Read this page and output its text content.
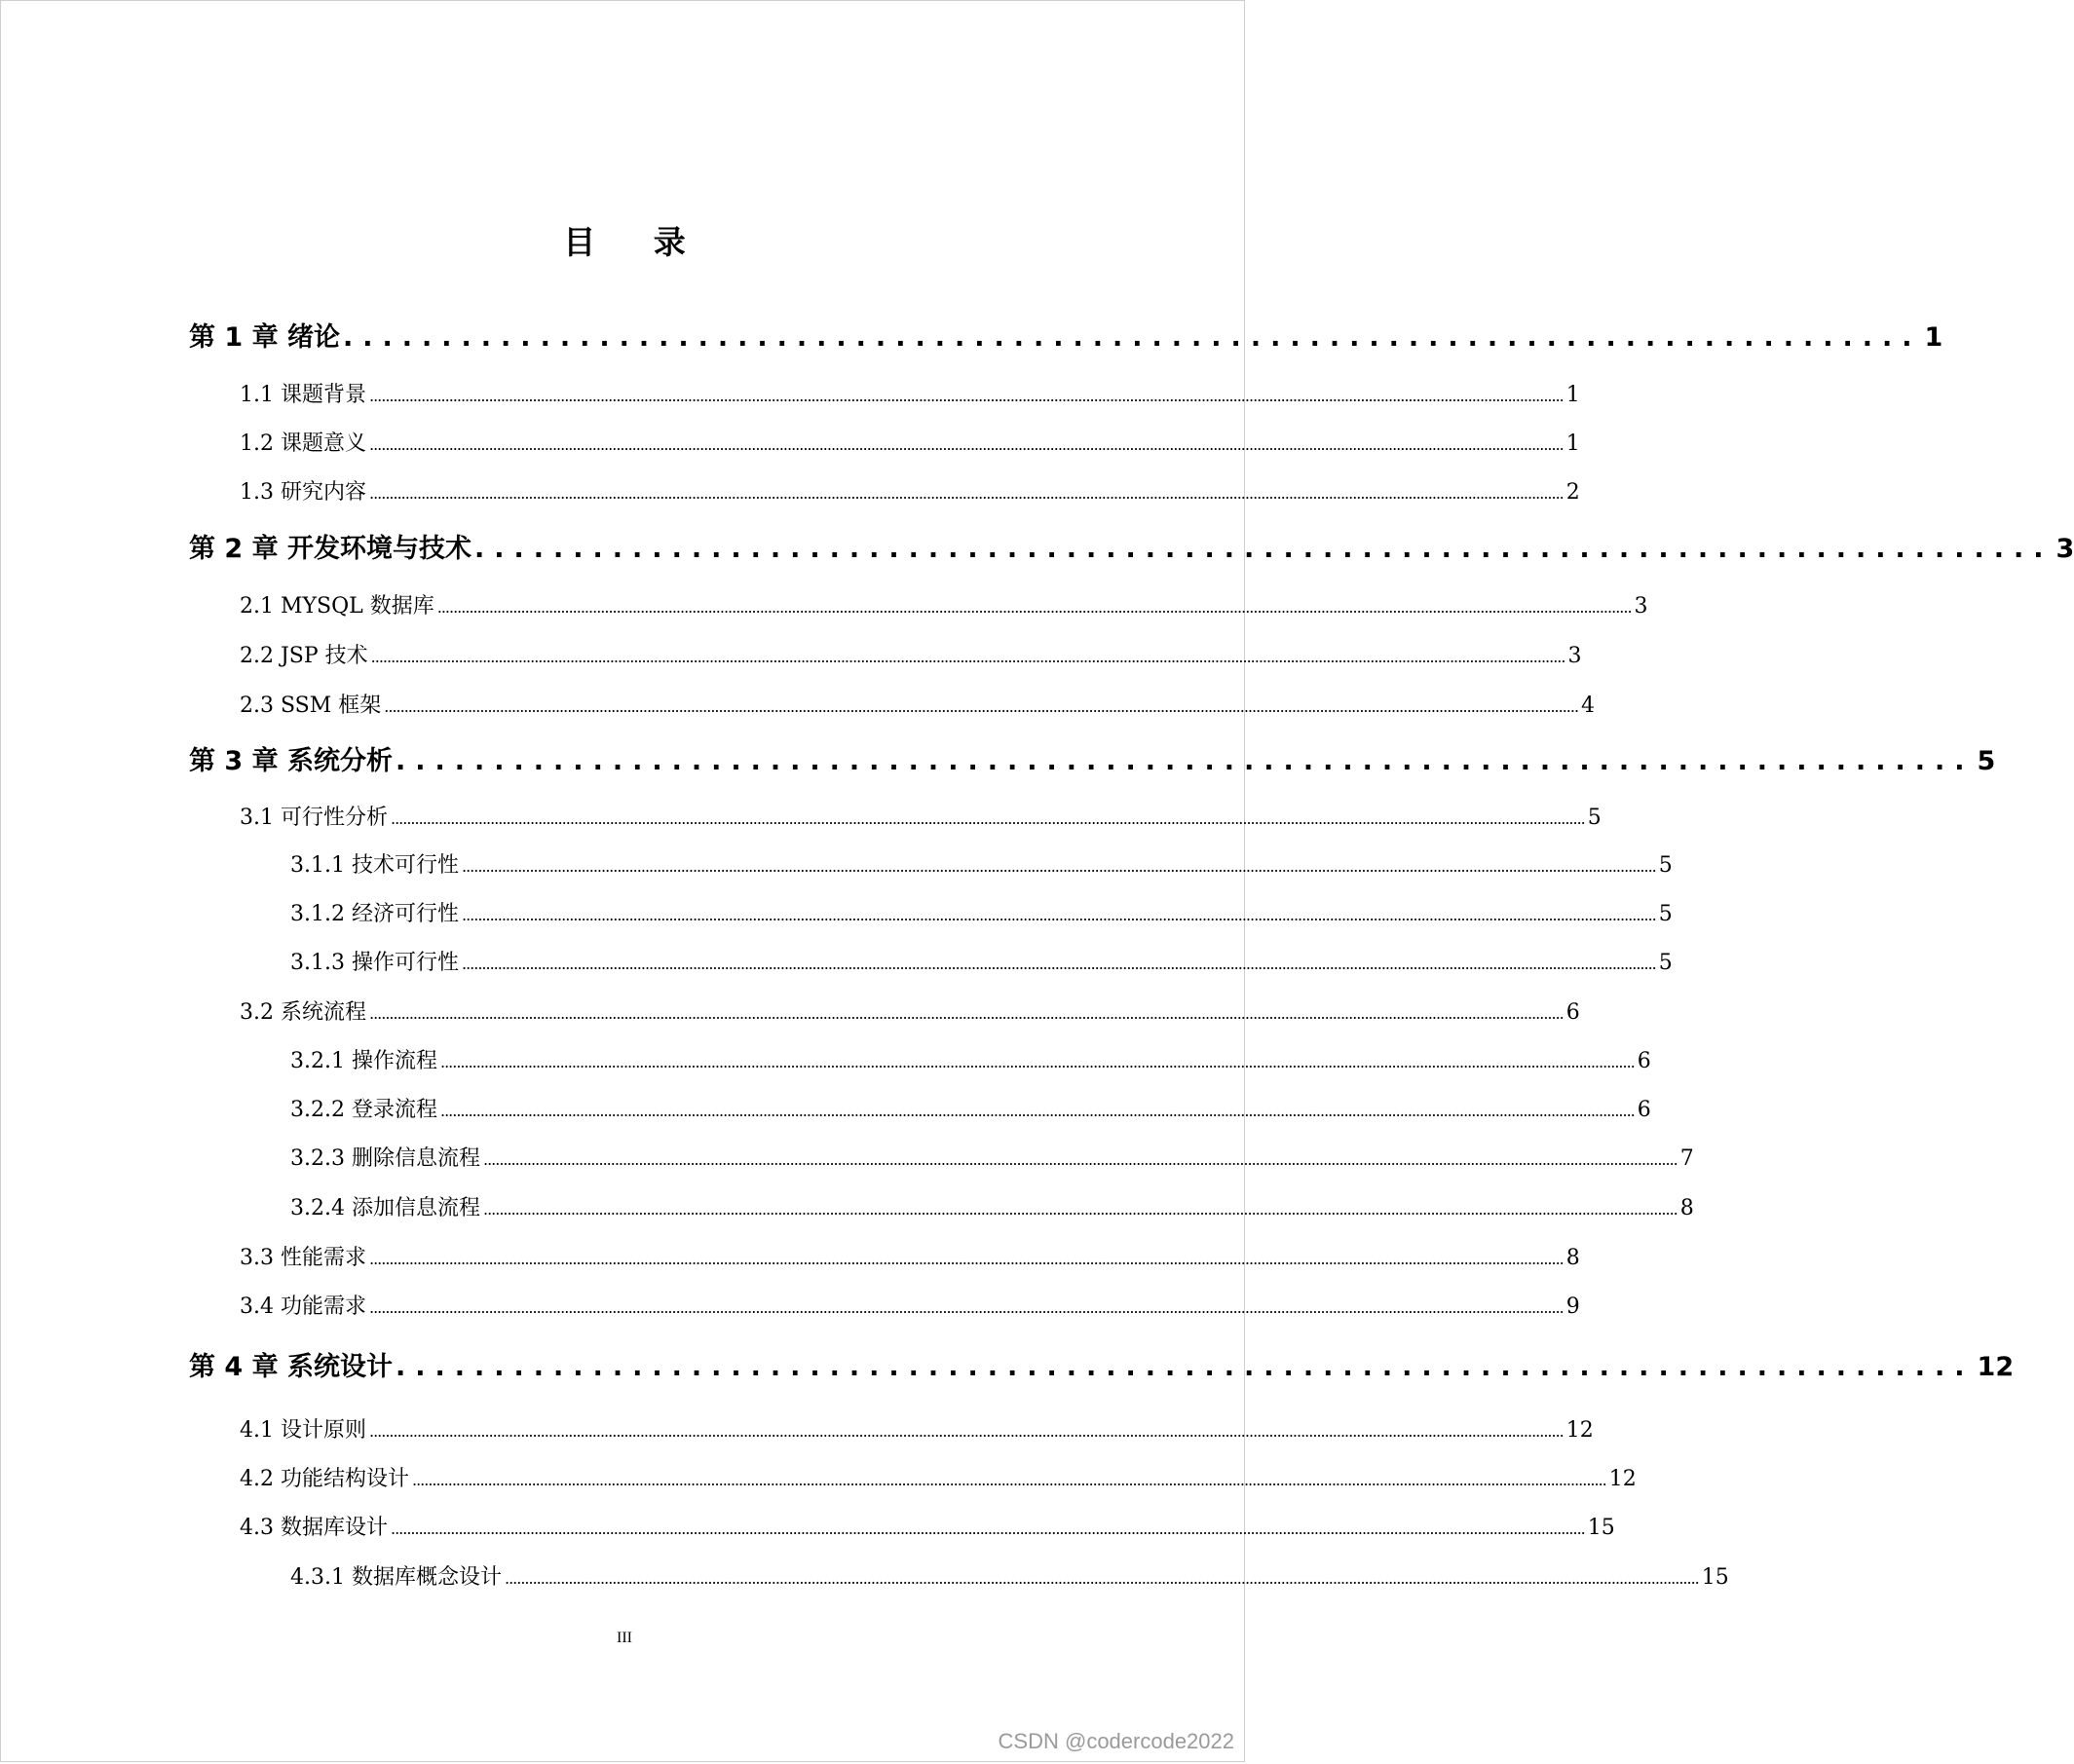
目 录
第 1 章 绪论 ................................................................................ 1
1.1 课题背景 ............................................................................................................................................................................................................................................................................................................ 1
1.2 课题意义 ............................................................................................................................................................................................................................................................................................................ 1
1.3 研究内容 ............................................................................................................................................................................................................................................................................................................ 2
第 2 章 开发环境与技术 ................................................................................ 3
2.1 MYSQL 数据库 ............................................................................................................................................................................................................................................................................................................ 3
2.2 JSP 技术 ............................................................................................................................................................................................................................................................................................................ 3
2.3 SSM 框架 ............................................................................................................................................................................................................................................................................................................ 4
第 3 章 系统分析 ................................................................................ 5
3.1 可行性分析 ............................................................................................................................................................................................................................................................................................................ 5
3.1.1 技术可行性 ............................................................................................................................................................................................................................................................................................................ 5
3.1.2 经济可行性 ............................................................................................................................................................................................................................................................................................................ 5
3.1.3 操作可行性 ............................................................................................................................................................................................................................................................................................................ 5
3.2 系统流程 ............................................................................................................................................................................................................................................................................................................ 6
3.2.1 操作流程 ............................................................................................................................................................................................................................................................................................................ 6
3.2.2 登录流程 ............................................................................................................................................................................................................................................................................................................ 6
3.2.3 删除信息流程 ............................................................................................................................................................................................................................................................................................................ 7
3.2.4 添加信息流程 ............................................................................................................................................................................................................................................................................................................ 8
3.3 性能需求 ............................................................................................................................................................................................................................................................................................................ 8
3.4 功能需求 ............................................................................................................................................................................................................................................................................................................ 9
第 4 章 系统设计 ................................................................................ 12
4.1 设计原则 ............................................................................................................................................................................................................................................................................................................ 12
4.2 功能结构设计 ............................................................................................................................................................................................................................................................................................................ 12
4.3 数据库设计 ............................................................................................................................................................................................................................................................................................................ 15
4.3.1 数据库概念设计 ............................................................................................................................................................................................................................................................................................................ 15
III
CSDN @codercode2022
